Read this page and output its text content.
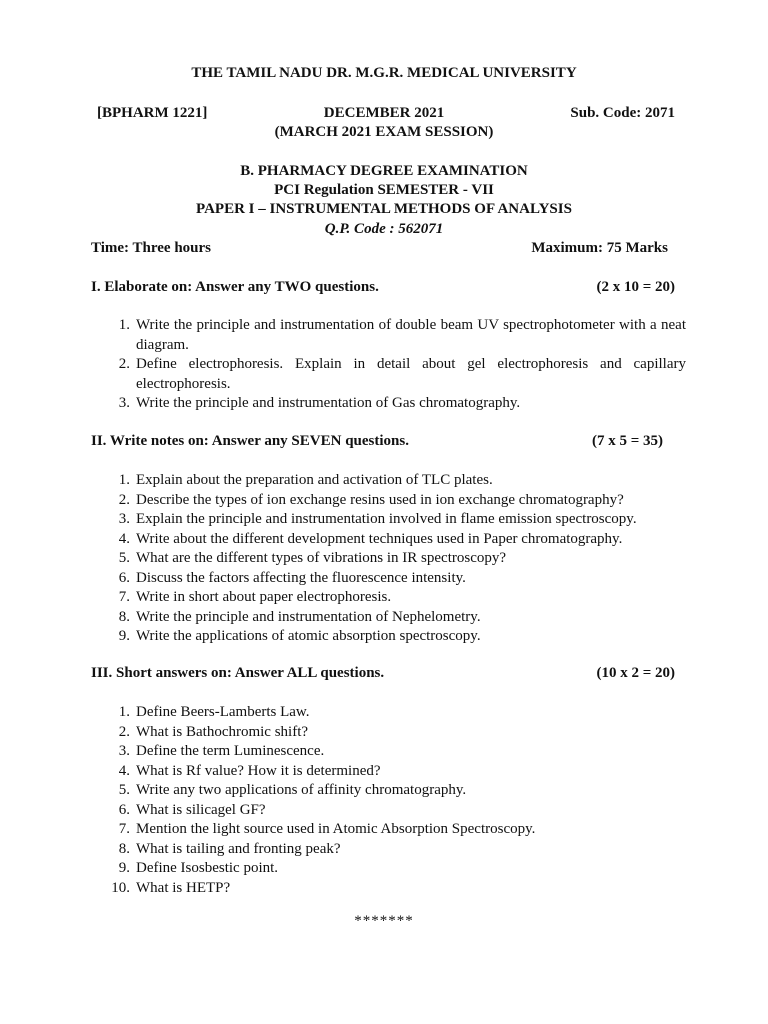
THE TAMIL NADU DR. M.G.R. MEDICAL UNIVERSITY
[BPHARM 1221]	DECEMBER 2021	Sub. Code: 2071
(MARCH 2021 EXAM SESSION)
B. PHARMACY DEGREE EXAMINATION
PCI Regulation SEMESTER - VII
PAPER I – INSTRUMENTAL METHODS OF ANALYSIS
Q.P. Code : 562071
Time: Three hours	Maximum: 75 Marks
I. Elaborate on: Answer any TWO questions.	(2 x 10 = 20)
1. Write the principle and instrumentation of double beam UV spectrophotometer with a neat diagram.
2. Define electrophoresis. Explain in detail about gel electrophoresis and capillary electrophoresis.
3. Write the principle and instrumentation of Gas chromatography.
II. Write notes on: Answer any SEVEN questions.	(7 x 5 = 35)
1. Explain about the preparation and activation of TLC plates.
2. Describe the types of ion exchange resins used in ion exchange chromatography?
3. Explain the principle and instrumentation involved in flame emission spectroscopy.
4. Write about the different development techniques used in Paper chromatography.
5. What are the different types of vibrations in IR spectroscopy?
6. Discuss the factors affecting the fluorescence intensity.
7. Write in short about paper electrophoresis.
8. Write the principle and instrumentation of Nephelometry.
9. Write the applications of atomic absorption spectroscopy.
III. Short answers on: Answer ALL questions.	(10 x 2 = 20)
1. Define Beers-Lamberts Law.
2. What is Bathochromic shift?
3. Define the term Luminescence.
4. What is Rf value? How it is determined?
5. Write any two applications of affinity chromatography.
6. What is silicagel GF?
7. Mention the light source used in Atomic Absorption Spectroscopy.
8. What is tailing and fronting peak?
9. Define Isosbestic point.
10. What is HETP?
*******
